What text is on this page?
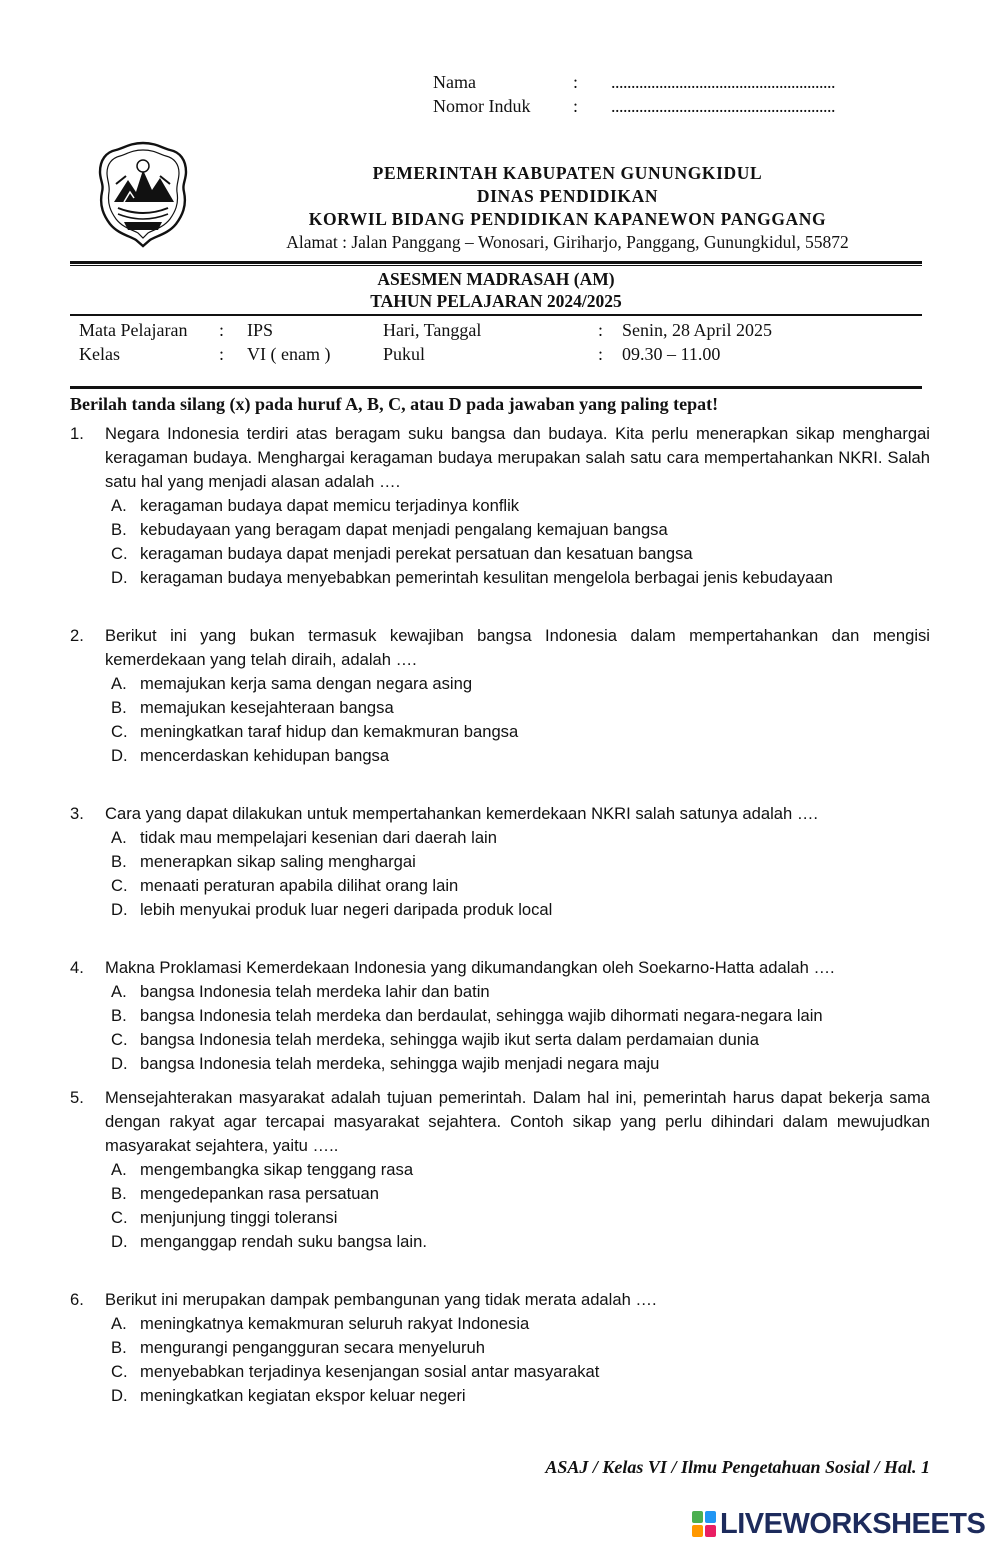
Nama	: ........................................................
Nomor Induk	: ........................................................
PEMERINTAH KABUPATEN GUNUNGKIDUL
DINAS PENDIDIKAN
KORWIL BIDANG PENDIDIKAN KAPANEWON PANGGANG
Alamat : Jalan Panggang – Wonosari, Giriharjo, Panggang, Gunungkidul, 55872
ASESMEN MADRASAH (AM)
TAHUN PELAJARAN 2024/2025
Mata Pelajaran : IPS	Hari, Tanggal	: Senin, 28 April 2025
Kelas	: VI ( enam )	Pukul	: 09.30 – 11.00
Berilah tanda silang (x) pada huruf A, B, C, atau D pada jawaban yang paling tepat!
1. Negara Indonesia terdiri atas beragam suku bangsa dan budaya. Kita perlu menerapkan sikap menghargai keragaman budaya. Menghargai keragaman budaya merupakan salah satu cara mempertahankan NKRI. Salah satu hal yang menjadi alasan adalah ….
A. keragaman budaya dapat memicu terjadinya konflik
B. kebudayaan yang beragam dapat menjadi pengalang kemajuan bangsa
C. keragaman budaya dapat menjadi perekat persatuan dan kesatuan bangsa
D. keragaman budaya menyebabkan pemerintah kesulitan mengelola berbagai jenis kebudayaan
2. Berikut ini yang bukan termasuk kewajiban bangsa Indonesia dalam mempertahankan dan mengisi kemerdekaan yang telah diraih, adalah ….
A. memajukan kerja sama dengan negara asing
B. memajukan kesejahteraan bangsa
C. meningkatkan taraf hidup dan kemakmuran bangsa
D. mencerdaskan kehidupan bangsa
3. Cara yang dapat dilakukan untuk mempertahankan kemerdekaan NKRI salah satunya adalah ….
A. tidak mau mempelajari kesenian dari daerah lain
B. menerapkan sikap saling menghargai
C. menaati peraturan apabila dilihat orang lain
D. lebih menyukai produk luar negeri daripada produk local
4. Makna Proklamasi Kemerdekaan Indonesia yang dikumandangkan oleh Soekarno-Hatta adalah ….
A. bangsa Indonesia telah merdeka lahir dan batin
B. bangsa Indonesia telah merdeka dan berdaulat, sehingga wajib dihormati negara-negara lain
C. bangsa Indonesia telah merdeka, sehingga wajib ikut serta dalam perdamaian dunia
D. bangsa Indonesia telah merdeka, sehingga wajib menjadi negara maju
5. Mensejahterakan masyarakat adalah tujuan pemerintah. Dalam hal ini, pemerintah harus dapat bekerja sama dengan rakyat agar tercapai masyarakat sejahtera. Contoh sikap yang perlu dihindari dalam mewujudkan masyarakat sejahtera, yaitu …..
A. mengembangka sikap tenggang rasa
B. mengedepankan rasa persatuan
C. menjunjung tinggi toleransi
D. menganggap rendah suku bangsa lain.
6. Berikut ini merupakan dampak pembangunan yang tidak merata adalah ….
A. meningkatnya kemakmuran seluruh rakyat Indonesia
B. mengurangi pengangguran secara menyeluruh
C. menyebabkan terjadinya kesenjangan sosial antar masyarakat
D. meningkatkan kegiatan ekspor keluar negeri
ASAJ / Kelas VI / Ilmu Pengetahuan Sosial / Hal. 1
LIVEWORKSHEETS
